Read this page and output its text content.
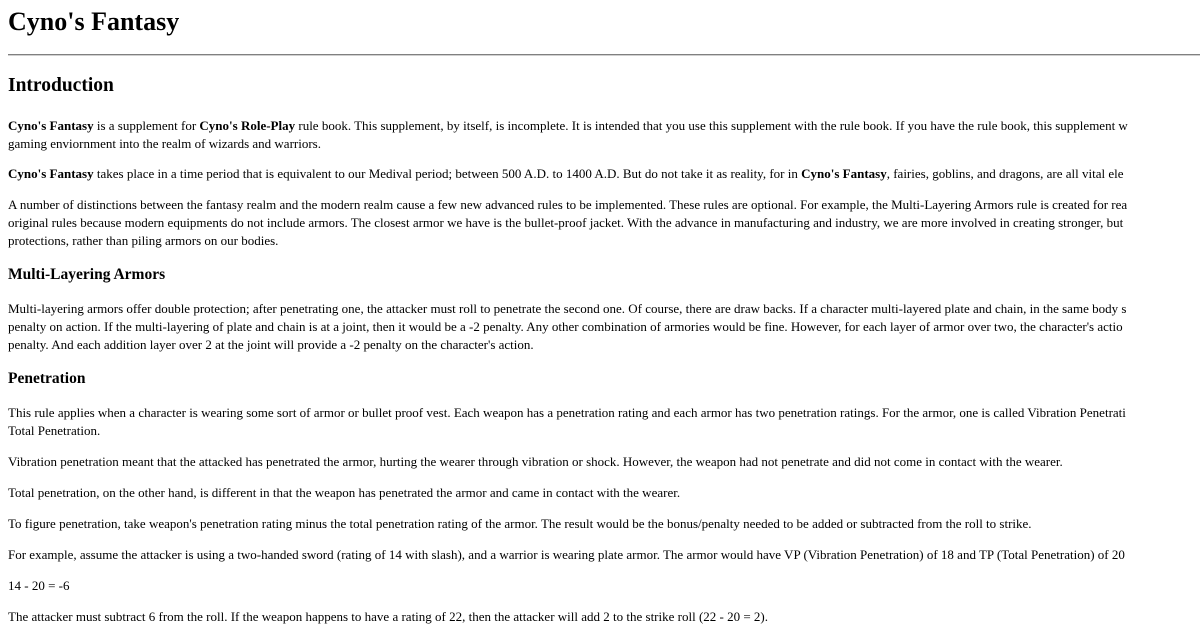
Cyno's Fantasy
Introduction

Cyno's Fantasy is a supplement for Cyno's Role-Play rule book. This supplement, by itself, is incomplete. It is intended that you use this supplement with the rule book. If you have the rule book, this supplement w
gaming enviornment into the realm of wizards and warriors.

Cyno's Fantasy takes place in a time period that is equivalent to our Medival period; between 500 A.D. to 1400 A.D. But do not take it as reality, for in Cyno's Fantasy, fairies, goblins, and dragons, are all vital ele

A number of distinctions between the fantasy realm and the modern realm cause a few new advanced rules to be implemented. These rules are optional. For example, the Multi-Layering Armors rule is created for rea
original rules because modern equipments do not include armors. The closest armor we have is the bullet-proof jacket. With the advance in manufacturing and industry, we are more involved in creating stronger, but
protections, rather than piling armors on our bodies.

Multi-Layering Armors

Multi-layering armors offer double protection; after penetrating one, the attacker must roll to penetrate the second one. Of course, there are draw backs. If a character multi-layered plate and chain, in the same body s
penalty on action. If the multi-layering of plate and chain is at a joint, then it would be a -2 penalty. Any other combination of armories would be fine. However, for each layer of armor over two, the character's actio
penalty. And each addition layer over 2 at the joint will provide a -2 penalty on the character's action.

Penetration

This rule applies when a character is wearing some sort of armor or bullet proof vest. Each weapon has a penetration rating and each armor has two penetration ratings. For the armor, one is called Vibration Penetrati
Total Penetration.

Vibration penetration meant that the attacked has penetrated the armor, hurting the wearer through vibration or shock. However, the weapon had not penetrate and did not come in contact with the wearer.

Total penetration, on the other hand, is different in that the weapon has penetrated the armor and came in contact with the wearer.

To figure penetration, take weapon's penetration rating minus the total penetration rating of the armor. The result would be the bonus/penalty needed to be added or subtracted from the roll to strike.

For example, assume the attacker is using a two-handed sword (rating of 14 with slash), and a warrior is wearing plate armor. The armor would have VP (Vibration Penetration) of 18 and TP (Total Penetration) of 20

14 - 20 = -6

The attacker must subtract 6 from the roll. If the weapon happens to have a rating of 22, then the attacker will add 2 to the strike roll (22 - 20 = 2).
